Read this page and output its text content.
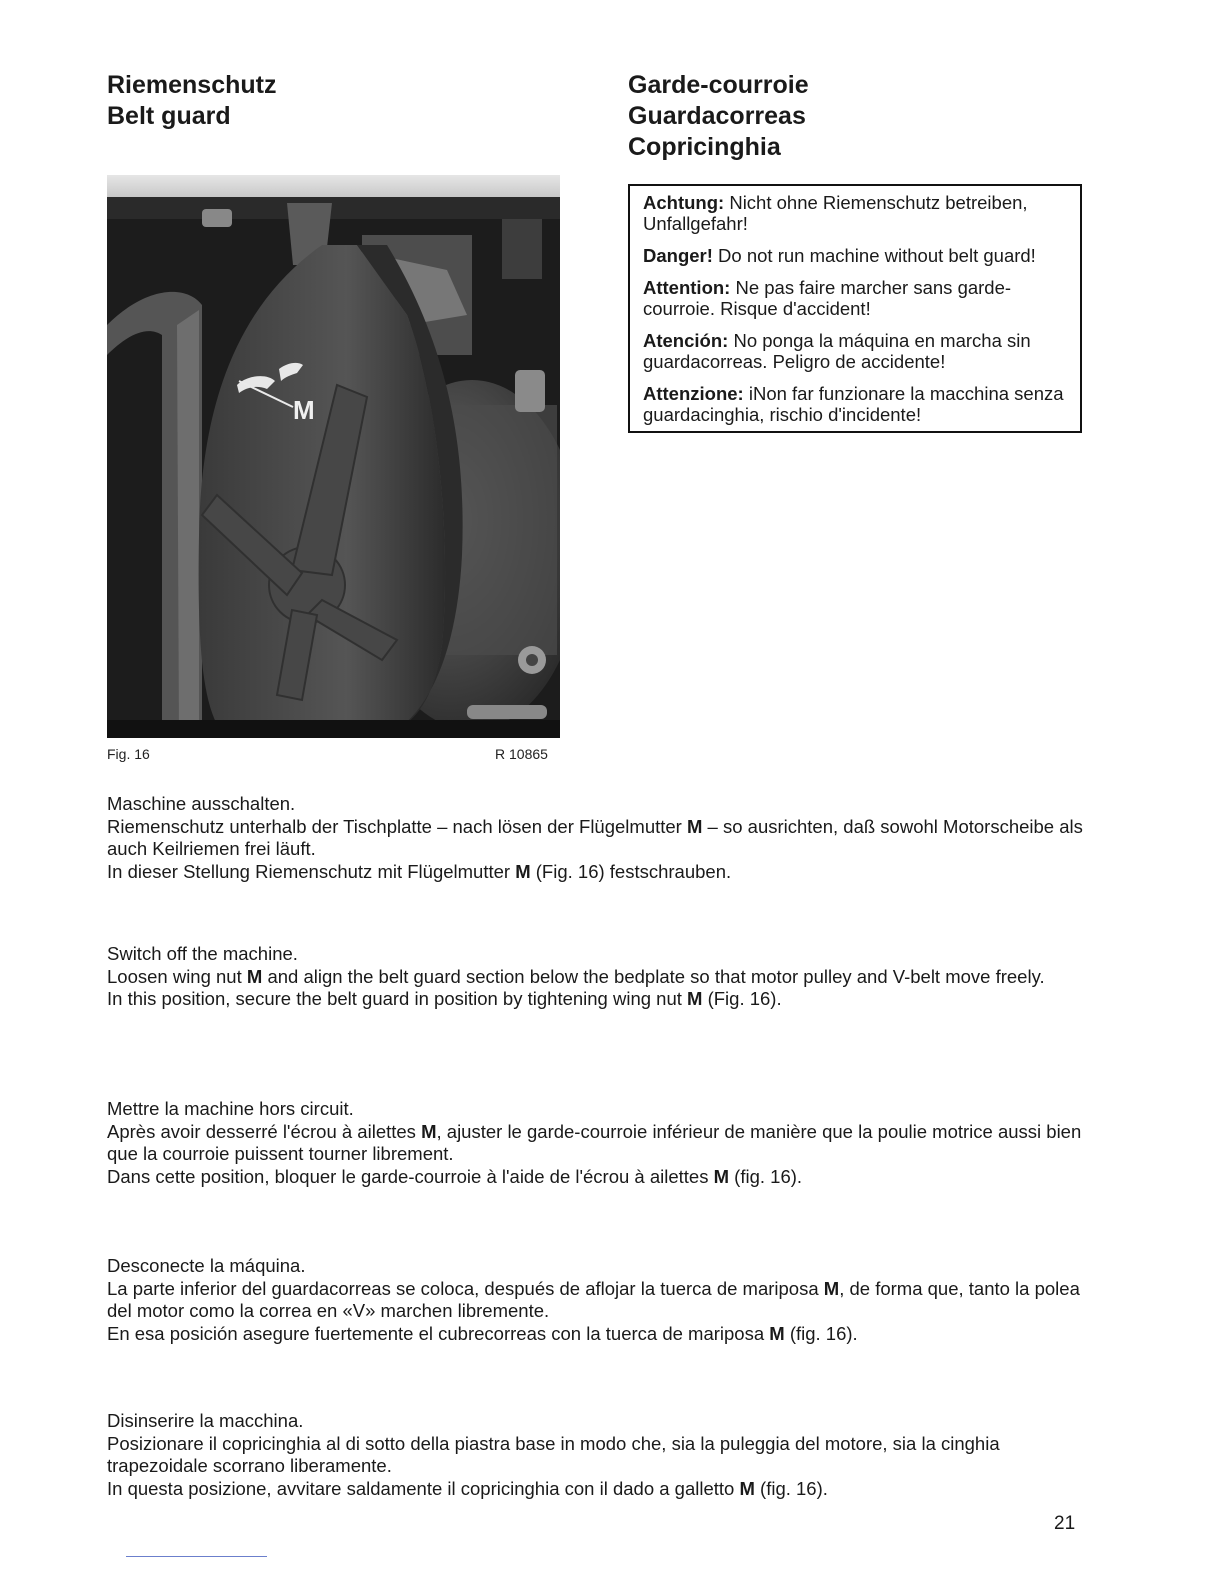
Riemenschutz
Belt guard
Garde-courroie
Guardacorreas
Copricinghia
M
Fig. 16	R 10865

Achtung: Nicht ohne Riemenschutz betreiben, Unfallgefahr!

Danger! Do not run machine without belt guard!

Attention: Ne pas faire marcher sans garde-courroie. Risque d'accident!

Atención: No ponga la máquina en marcha sin guardacorreas. Peligro de accidente!

Attenzione: iNon far funzionare la macchina senza guardacinghia, rischio d'incidente!

Maschine ausschalten.

Riemenschutz unterhalb der Tischplatte – nach lösen der Flügelmutter M – so ausrichten, daß sowohl Motorscheibe als auch Keilriemen frei läuft.

In dieser Stellung Riemenschutz mit Flügelmutter M (Fig. 16) festschrauben.

Switch off the machine.

Loosen wing nut M and align the belt guard section below the bedplate so that motor pulley and V-belt move freely.

In this position, secure the belt guard in position by tightening wing nut M (Fig. 16).

Mettre la machine hors circuit.

Après avoir desserré l'écrou à ailettes M, ajuster le garde-courroie inférieur de manière que la poulie motrice aussi bien que la courroie puissent tourner librement.

Dans cette position, bloquer le garde-courroie à l'aide de l'écrou à ailettes M (fig. 16).

Desconecte la máquina.

La parte inferior del guardacorreas se coloca, después de aflojar la tuerca de mariposa M, de forma que, tanto la polea del motor como la correa en «V» marchen libremente.

En esa posición asegure fuertemente el cubrecorreas con la tuerca de mariposa M (fig. 16).

Disinserire la macchina.

Posizionare il copricinghia al di sotto della piastra base in modo che, sia la puleggia del motore, sia la cinghia trapezoidale scorrano liberamente.

In questa posizione, avvitare saldamente il copricinghia con il dado a galletto M (fig. 16).

21
